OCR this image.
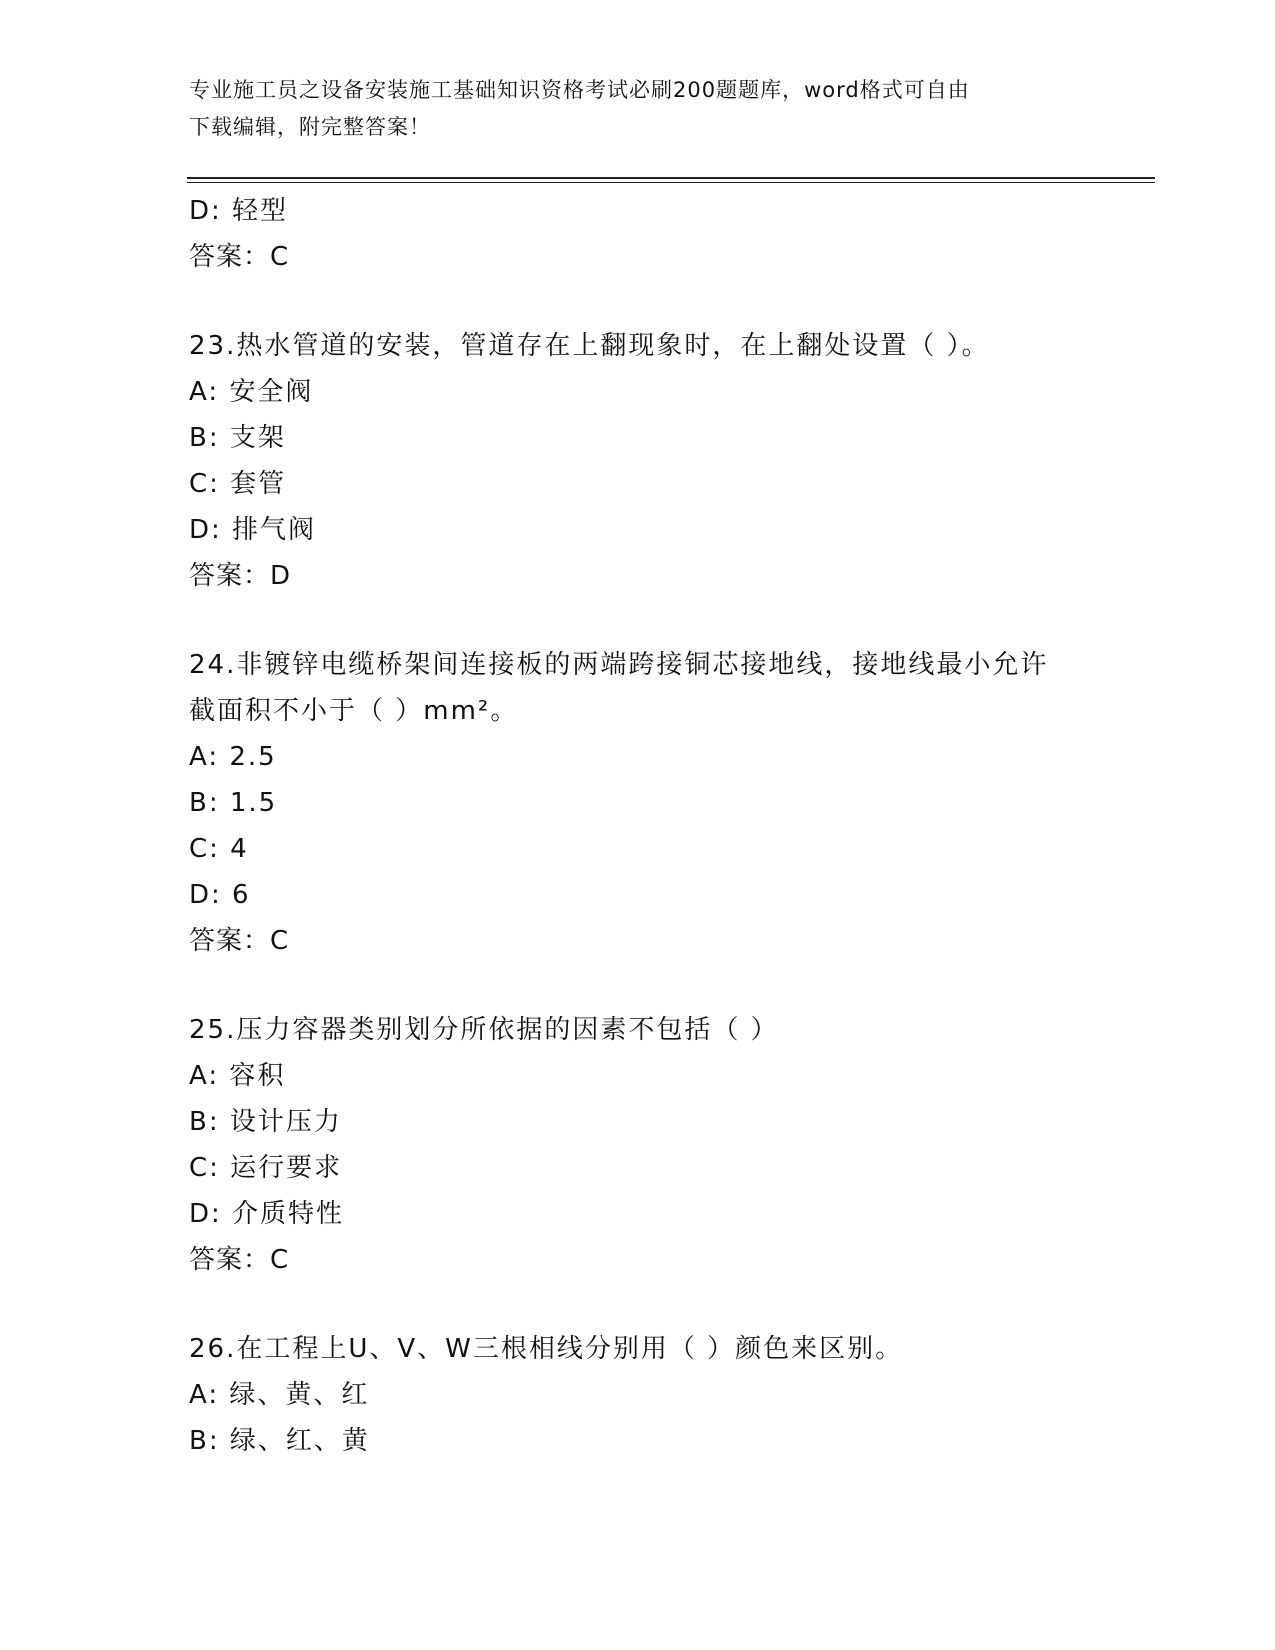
专业施工员之设备安装施工基础知识资格考试必刷200题题库，word格式可自由
下载编辑，附完整答案！
D: 轻型
答案：C
23.热水管道的安装，管道存在上翻现象时，在上翻处设置（ ）。
A: 安全阀
B: 支架
C: 套管
D: 排气阀
答案：D
24.非镀锌电缆桥架间连接板的两端跨接铜芯接地线，接地线最小允许
截面积不小于（ ）mm²。
A: 2.5
B: 1.5
C: 4
D: 6
答案：C
25.压力容器类别划分所依据的因素不包括（ ）
A: 容积
B: 设计压力
C: 运行要求
D: 介质特性
答案：C
26.在工程上U、V、W三根相线分别用（ ）颜色来区别。
A: 绿、黄、红
B: 绿、红、黄
